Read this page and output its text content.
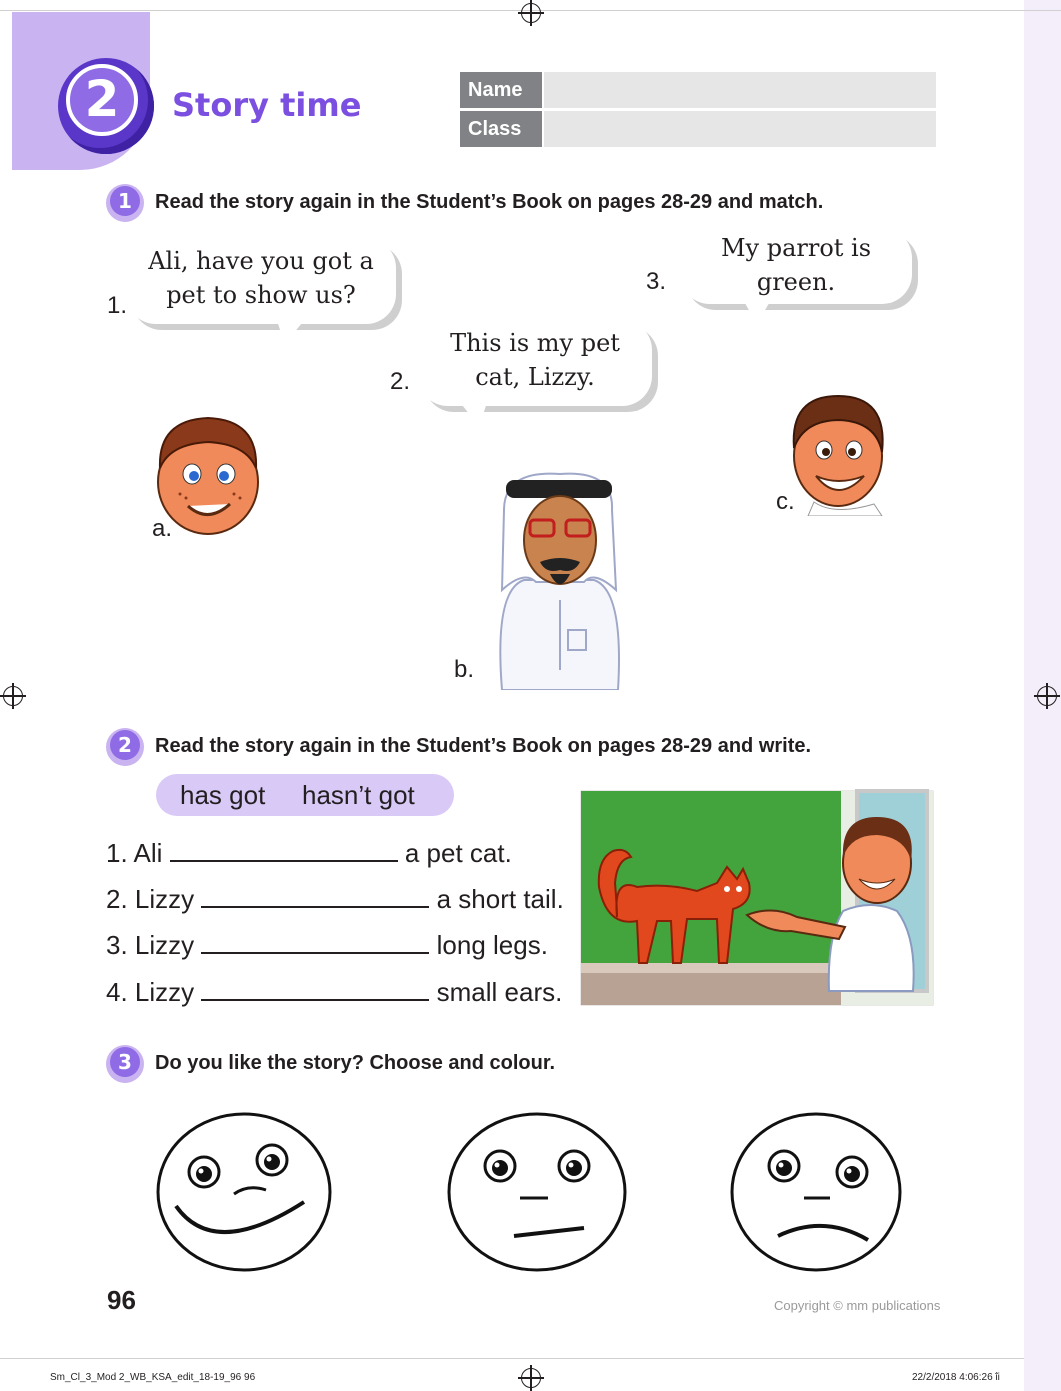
2	Story time	Name
Class
1	Read the story again in the Student’s Book on pages 28-29 and match.
1.
Ali, have you got a
pet to show us?
2.
This is my pet
cat, Lizzy.
3.
My parrot is
green.
a.
b.
c.
2	Read the story again in the Student’s Book on pages 28-29 and write.
has got hasn’t got
1. Ali	a pet cat.
2. Lizzy	a short tail.
3. Lizzy	long legs.
4. Lizzy	small ears.
3	Do you like the story? Choose and colour.
96	Copyright © mm publications
Sm_Cl_3_Mod 2_WB_KSA_edit_18-19_96 96	22/2/2018 4:06:26 ΐi
